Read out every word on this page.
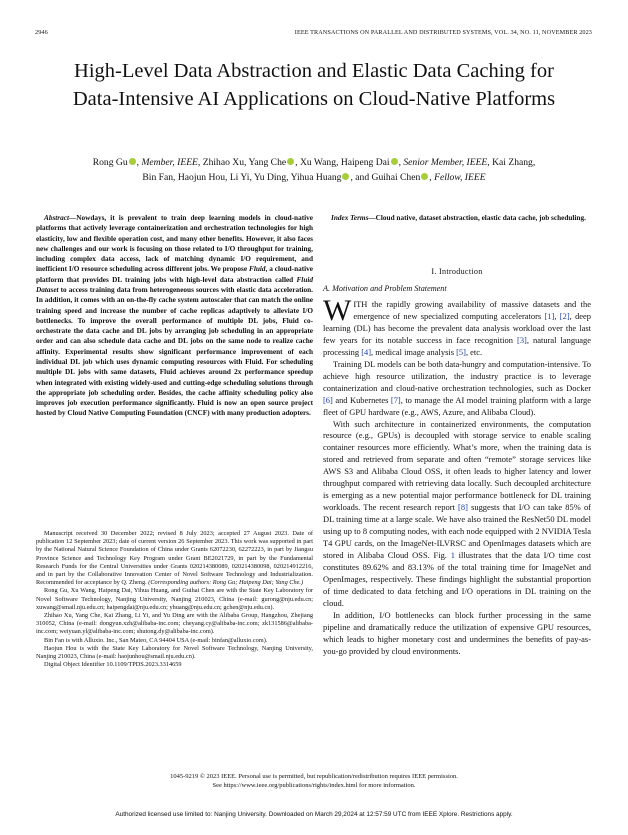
2946	IEEE TRANSACTIONS ON PARALLEL AND DISTRIBUTED SYSTEMS, VOL. 34, NO. 11, NOVEMBER 2023
High-Level Data Abstraction and Elastic Data Caching for Data-Intensive AI Applications on Cloud-Native Platforms
Rong Gu , Member, IEEE, Zhihao Xu, Yang Che , Xu Wang, Haipeng Dai , Senior Member, IEEE, Kai Zhang,
Bin Fan, Haojun Hou, Li Yi, Yu Ding, Yihua Huang , and Guihai Chen , Fellow, IEEE
Abstract—Nowdays, it is prevalent to train deep learning models in cloud-native platforms that actively leverage containerization and orchestration technologies for high elasticity, low and flexible operation cost, and many other benefits. However, it also faces new challenges and our work is focusing on those related to I/O throughput for training, including complex data access, lack of matching dynamic I/O requirement, and inefficient I/O resource scheduling across different jobs. We propose Fluid, a cloud-native platform that provides DL training jobs with high-level data abstraction called Fluid Dataset to access training data from heterogeneous sources with elastic data acceleration. In addition, it comes with an on-the-fly cache system autoscaler that can match the online training speed and increase the number of cache replicas adaptively to alleviate I/O bottlenecks. To improve the overall performance of multiple DL jobs, Fluid co-orchestrate the data cache and DL jobs by arranging job scheduling in an appropriate order and can also schedule data cache and DL jobs on the same node to realize cache affinity. Experimental results show significant performance improvement of each individual DL job which uses dynamic computing resources with Fluid. For scheduling multiple DL jobs with same datasets, Fluid achieves around 2x performance speedup when integrated with existing widely-used and cutting-edge scheduling solutions through the appropriate job scheduling order. Besides, the cache affinity scheduling policy also improves job execution performance significantly. Fluid is now an open source project hosted by Cloud Native Computing Foundation (CNCF) with many production adopters.
Index Terms—Cloud native, dataset abstraction, elastic data cache, job scheduling.
I. Introduction
A. Motivation and Problem Statement

WITH the rapidly growing availability of massive datasets and the emergence of new specialized computing accelerators [1], [2], deep learning (DL) has become the prevalent data analysis workload over the last few years for its notable success in face recognition [3], natural language processing [4], medical image analysis [5], etc.

Training DL models can be both data-hungry and computation-intensive. To achieve high resource utilization, the industry practice is to leverage containerization and cloud-native orchestration technologies, such as Docker [6] and Kubernetes [7], to manage the AI model training platform with a large fleet of GPU hardware (e.g., AWS, Azure, and Alibaba Cloud).

With such architecture in containerized environments, the computation resource (e.g., GPUs) is decoupled with storage service to enable scaling container resources more efficiently. What’s more, when the training data is stored and retrieved from separate and often “remote” storage services like AWS S3 and Alibaba Cloud OSS, it often leads to higher latency and lower throughput compared with retrieving data locally. Such decoupled architecture is emerging as a new potential major performance bottleneck for DL training workloads. The recent research report [8] suggests that I/O can take 85% of DL training time at a large scale. We have also trained the ResNet50 DL model using up to 8 computing nodes, with each node equipped with 2 NVIDIA Tesla T4 GPU cards, on the ImageNet-ILVRSC and OpenImages datasets which are stored in Alibaba Cloud OSS. Fig. 1 illustrates that the data I/O time cost constitutes 89.62% and 83.13% of the total training time for ImageNet and OpenImages, respectively. These findings highlight the substantial proportion of time dedicated to data fetching and I/O operations in DL training on the cloud.

In addition, I/O bottlenecks can block further processing in the same pipeline and dramatically reduce the utilization of expensive GPU resources, which leads to higher monetary cost and undermines the benefits of pay-as-you-go provided by cloud environments.

Manuscript received 30 December 2022; revised 8 July 2023; accepted 27 August 2023. Date of publication 12 September 2023; date of current version 26 September 2023. This work was supported in part by the National Natural Science Foundation of China under Grants 62072230, 62272223, in part by Jiangsu Province Science and Technology Key Program under Grant BE2021729, in part by the Fundamental Research Funds for the Central Universities under Grants 020214380089, 020214380098, 020214912216, and in part by the Collaborative Innovation Center of Novel Software Technology and Industrialization. Recommended for acceptance by Q. Zheng. (Corresponding authors: Rong Gu; Haipeng Dai; Yang Che.)

Rong Gu, Xu Wang, Haipeng Dai, Yihua Huang, and Guihai Chen are with the State Key Laboratory for Novel Software Technology, Nanjing University, Nanjing 210023, China (e-mail: gurong@nju.edu.cn; xuwang@smail.nju.edu.cn; haipengdai@nju.edu.cn; yhuang@nju.edu.cn; gchen@nju.edu.cn).

Zhihao Xu, Yang Che, Kai Zhang, Li Yi, and Yu Ding are with the Alibaba Group, Hangzhou, Zhejiang 310052, China (e-mail: dongyun.xzh@alibaba-inc.com; cheyang.cy@alibaba-inc.com; zk131586@alibaba-inc.com; weiyuan.yl@alibaba-inc.com; shutong.dy@alibaba-inc.com).

Bin Fan is with Alluxio. Inc., San Mateo, CA 94404 USA (e-mail: binfan@alluxio.com).

Haojun Hou is with the State Key Laboratory for Novel Software Technology, Nanjing University, Nanjing 210023, China (e-mail: haojunhou@smail.nju.edu.cn).

Digital Object Identifier 10.1109/TPDS.2023.3314659

1045-9219 © 2023 IEEE. Personal use is permitted, but republication/redistribution requires IEEE permission.
See https://www.ieee.org/publications/rights/index.html for more information.
Authorized licensed use limited to: Nanjing University. Downloaded on March 29,2024 at 12:57:59 UTC from IEEE Xplore. Restrictions apply.
